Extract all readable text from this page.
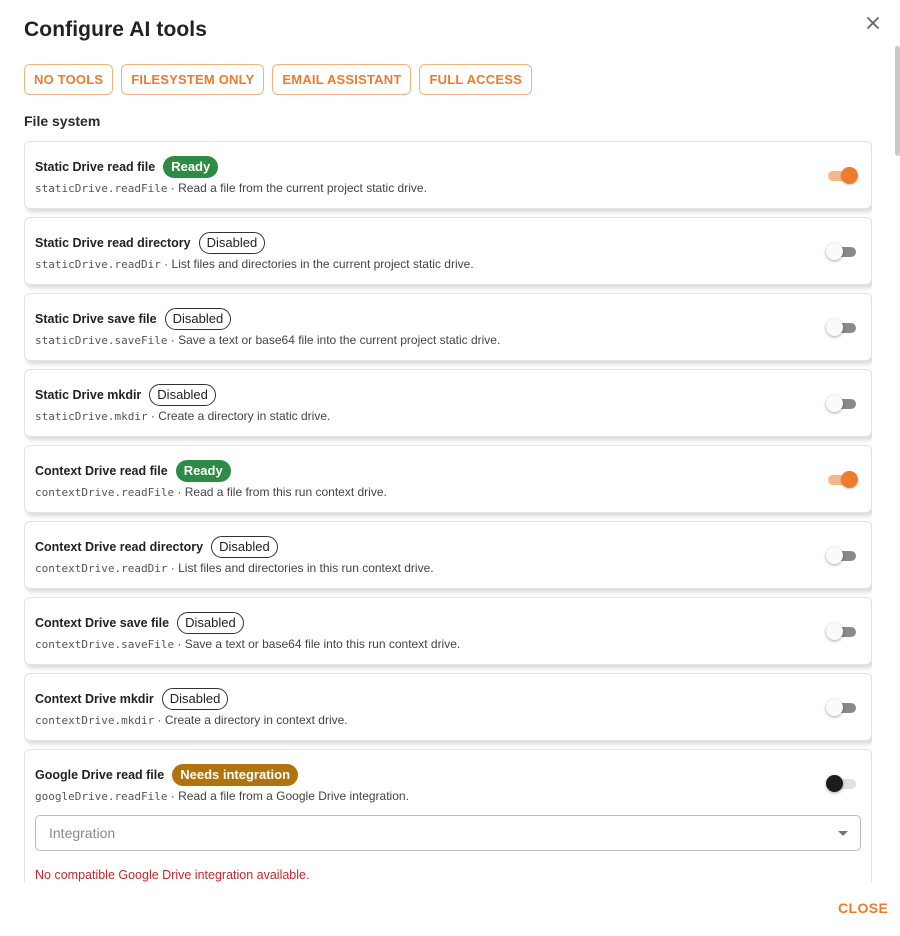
Configure AI tools
NO TOOLS	FILESYSTEM ONLY	EMAIL ASSISTANT	FULL ACCESS
File system
Static Drive read file	Ready
staticDrive.readFile · Read a file from the current project static drive.
Static Drive read directory	Disabled
staticDrive.readDir · List files and directories in the current project static drive.
Static Drive save file	Disabled
staticDrive.saveFile · Save a text or base64 file into the current project static drive.
Static Drive mkdir	Disabled
staticDrive.mkdir · Create a directory in static drive.
Context Drive read file	Ready
contextDrive.readFile · Read a file from this run context drive.
Context Drive read directory	Disabled
contextDrive.readDir · List files and directories in this run context drive.
Context Drive save file	Disabled
contextDrive.saveFile · Save a text or base64 file into this run context drive.
Context Drive mkdir	Disabled
contextDrive.mkdir · Create a directory in context drive.
Google Drive read file	Needs integration
googleDrive.readFile · Read a file from a Google Drive integration.
Integration
No compatible Google Drive integration available.
CLOSE
